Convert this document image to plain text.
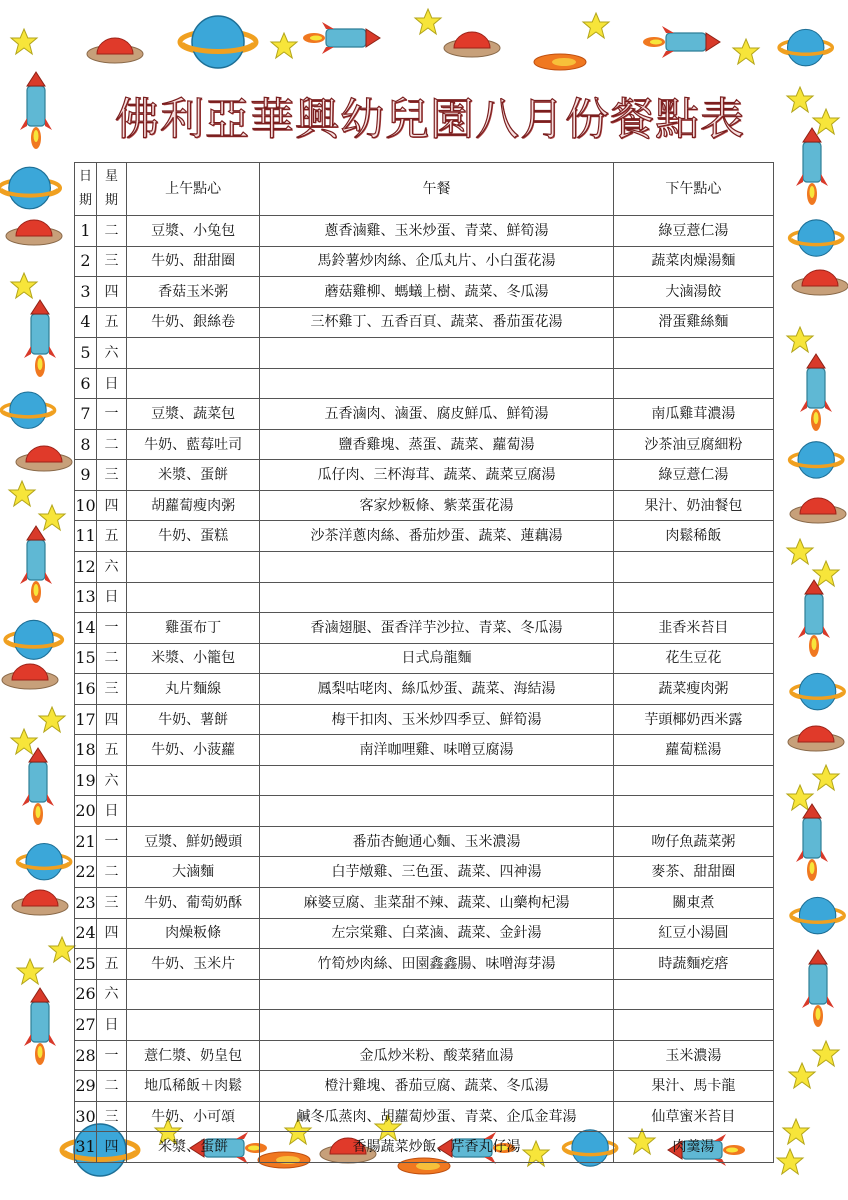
佛利亞華興幼兒園八月份餐點表
日
期	星
期	上午點心	午餐	下午點心
1	二	豆漿、小兔包	蔥香滷雞、玉米炒蛋、青菜、鮮筍湯	綠豆薏仁湯
2	三	牛奶、甜甜圈	馬鈴薯炒肉絲、企瓜丸片、小白蛋花湯	蔬菜肉燥湯麵
3	四	香菇玉米粥	蘑菇雞柳、螞蟻上樹、蔬菜、冬瓜湯	大滷湯餃
4	五	牛奶、銀絲卷	三杯雞丁、五香百頁、蔬菜、番茄蛋花湯	滑蛋雞絲麵
5	六			
6	日			
7	一	豆漿、蔬菜包	五香滷肉、滷蛋、腐皮鮮瓜、鮮筍湯	南瓜雞茸濃湯
8	二	牛奶、藍莓吐司	鹽香雞塊、蒸蛋、蔬菜、蘿蔔湯	沙茶油豆腐細粉
9	三	米漿、蛋餅	瓜仔肉、三杯海茸、蔬菜、蔬菜豆腐湯	綠豆薏仁湯
10	四	胡蘿蔔瘦肉粥	客家炒粄條、紫菜蛋花湯	果汁、奶油餐包
11	五	牛奶、蛋糕	沙茶洋蔥肉絲、番茄炒蛋、蔬菜、蓮藕湯	肉鬆稀飯
12	六			
13	日			
14	一	雞蛋布丁	香滷翅腿、蛋香洋芋沙拉、青菜、冬瓜湯	韭香米苔目
15	二	米漿、小籠包	日式烏龍麵	花生豆花
16	三	丸片麵線	鳳梨咕咾肉、絲瓜炒蛋、蔬菜、海結湯	蔬菜瘦肉粥
17	四	牛奶、薯餅	梅干扣肉、玉米炒四季豆、鮮筍湯	芋頭椰奶西米露
18	五	牛奶、小菠蘿	南洋咖哩雞、味噌豆腐湯	蘿蔔糕湯
19	六			
20	日			
21	一	豆漿、鮮奶饅頭	番茄杏鮑通心麵、玉米濃湯	吻仔魚蔬菜粥
22	二	大滷麵	白芋燉雞、三色蛋、蔬菜、四神湯	麥茶、甜甜圈
23	三	牛奶、葡萄奶酥	麻婆豆腐、韭菜甜不辣、蔬菜、山藥枸杞湯	關東煮
24	四	肉燥粄條	左宗棠雞、白菜滷、蔬菜、金針湯	紅豆小湯圓
25	五	牛奶、玉米片	竹筍炒肉絲、田園鑫鑫腸、味噌海芽湯	時蔬麵疙瘩
26	六			
27	日			
28	一	薏仁漿、奶皇包	金瓜炒米粉、酸菜豬血湯	玉米濃湯
29	二	地瓜稀飯＋肉鬆	橙汁雞塊、番茄豆腐、蔬菜、冬瓜湯	果汁、馬卡龍
30	三	牛奶、小可頌	鹹冬瓜蒸肉、胡蘿蔔炒蛋、青菜、企瓜金茸湯	仙草蜜米苔目
31	四	米漿、蛋餅	香腸蔬菜炒飯、芹香丸仔湯	肉羹湯
